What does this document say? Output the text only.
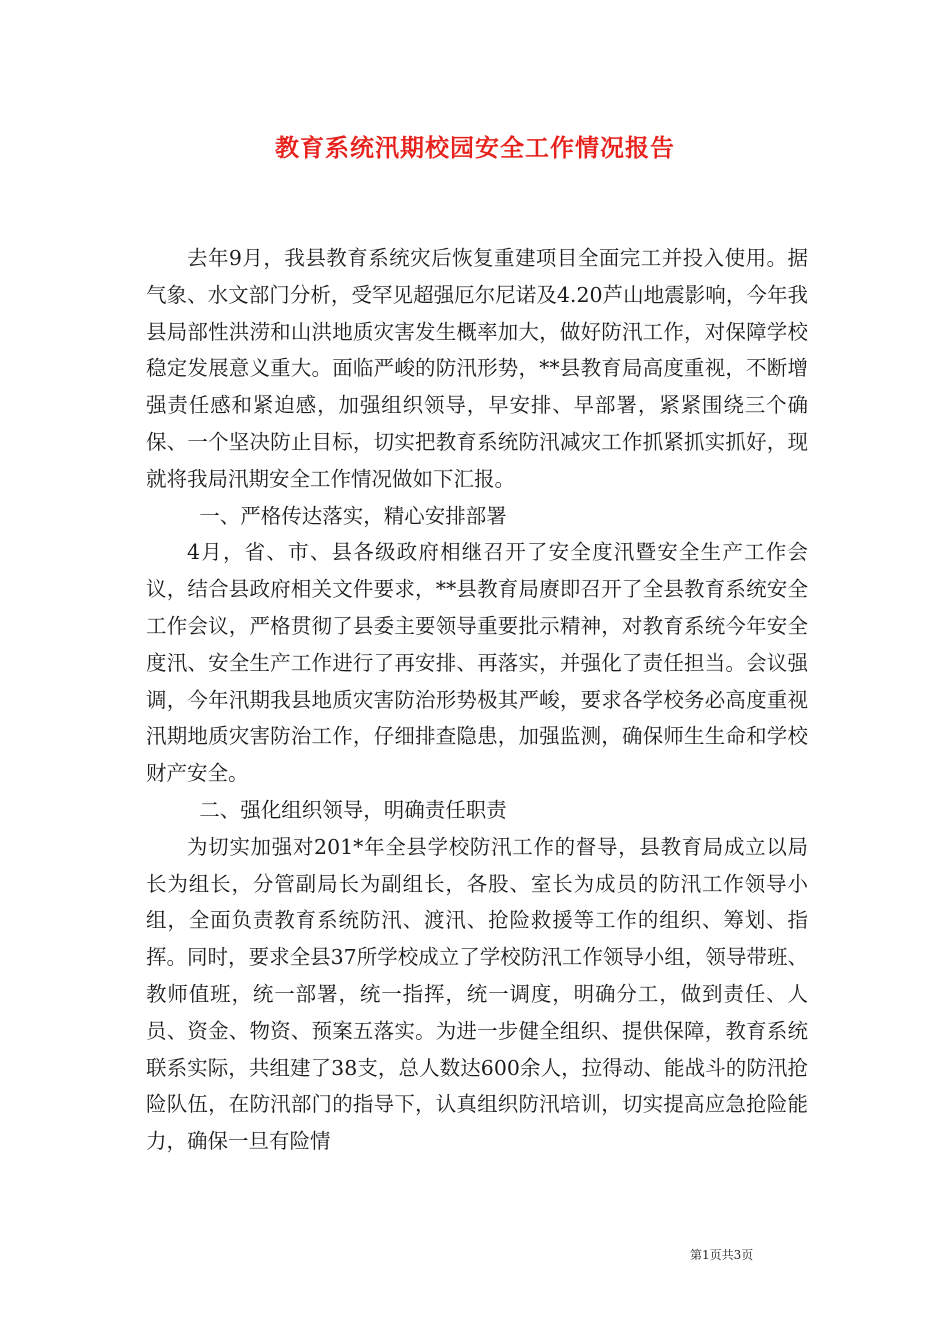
教育系统汛期校园安全工作情况报告

去年9月，我县教育系统灾后恢复重建项目全面完工并投入使用。据气象、水文部门分析，受罕见超强厄尔尼诺及4.20芦山地震影响，今年我县局部性洪涝和山洪地质灾害发生概率加大，做好防汛工作，对保障学校稳定发展意义重大。面临严峻的防汛形势，**县教育局高度重视，不断增强责任感和紧迫感，加强组织领导，早安排、早部署，紧紧围绕三个确保、一个坚决防止目标，切实把教育系统防汛减灾工作抓紧抓实抓好，现就将我局汛期安全工作情况做如下汇报。

一、严格传达落实，精心安排部署

4月，省、市、县各级政府相继召开了安全度汛暨安全生产工作会议，结合县政府相关文件要求，**县教育局赓即召开了全县教育系统安全工作会议，严格贯彻了县委主要领导重要批示精神，对教育系统今年安全度汛、安全生产工作进行了再安排、再落实，并强化了责任担当。会议强调，今年汛期我县地质灾害防治形势极其严峻，要求各学校务必高度重视汛期地质灾害防治工作，仔细排查隐患，加强监测，确保师生生命和学校财产安全。

二、强化组织领导，明确责任职责

为切实加强对201*年全县学校防汛工作的督导，县教育局成立以局长为组长，分管副局长为副组长，各股、室长为成员的防汛工作领导小组，全面负责教育系统防汛、渡汛、抢险救援等工作的组织、筹划、指挥。同时，要求全县37所学校成立了学校防汛工作领导小组，领导带班、教师值班，统一部署，统一指挥，统一调度，明确分工，做到责任、人员、资金、物资、预案五落实。为进一步健全组织、提供保障，教育系统联系实际，共组建了38支，总人数达600余人，拉得动、能战斗的防汛抢险队伍，在防汛部门的指导下，认真组织防汛培训，切实提高应急抢险能力，确保一旦有险情

第1页共3页
